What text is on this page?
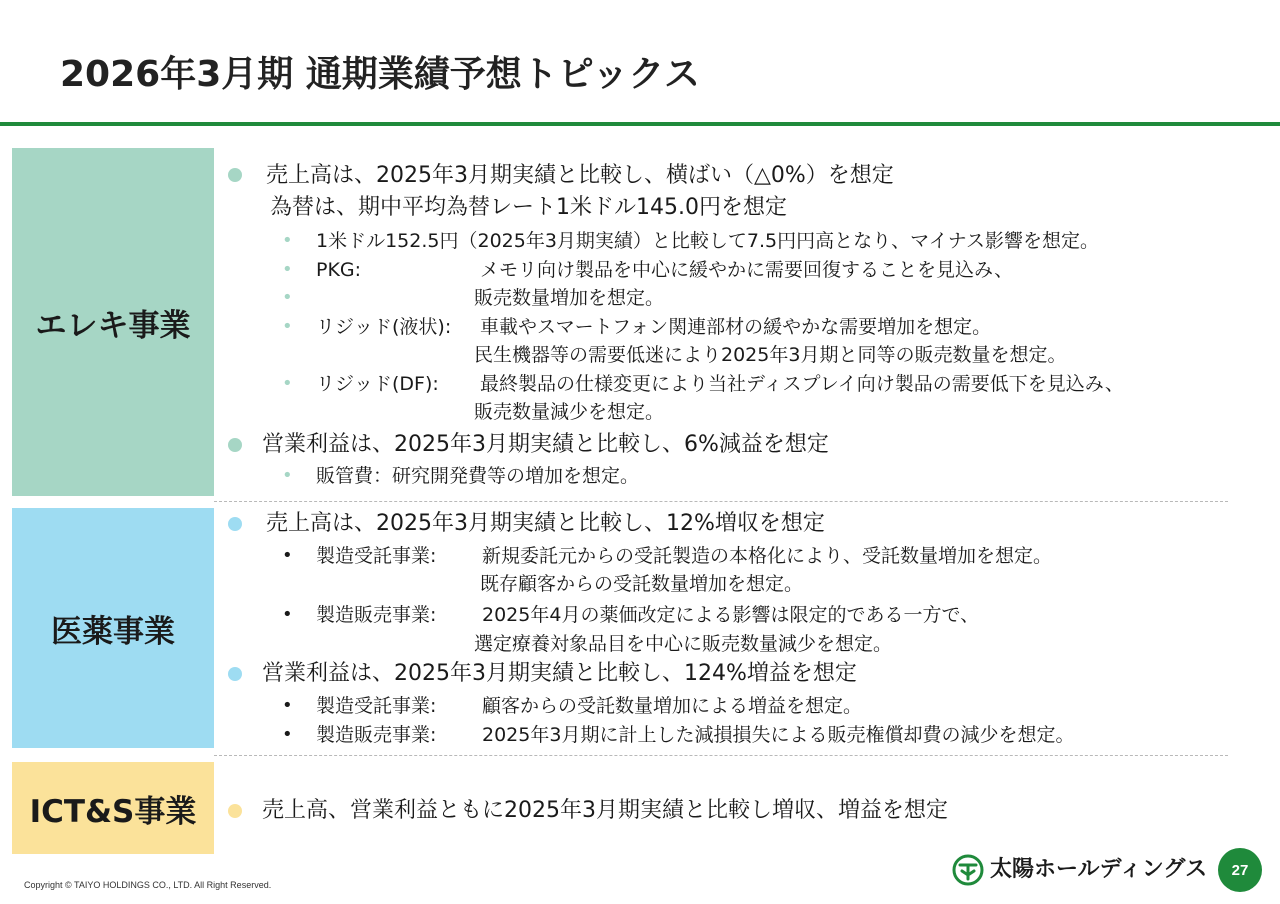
2026年3月期 通期業績予想トピックス
エレキ事業
医薬事業
ICT&S事業

売上高は、2025年3月期実績と比較し、横ばい（△0%）を想定

為替は、期中平均為替レート1米ドル145.0円を想定

• 1米ドル152.5円（2025年3月期実績）と比較して7.5円円高となり、マイナス影響を想定。

• PKG:	メモリ向け製品を中心に緩やかに需要回復することを見込み、

•	販売数量増加を想定。

• リジッド(液状): 車載やスマートフォン関連部材の緩やかな需要増加を想定。

民生機器等の需要低迷により2025年3月期と同等の販売数量を想定。

• リジッド(DF): 最終製品の仕様変更により当社ディスプレイ向け製品の需要低下を見込み、

販売数量減少を想定。

営業利益は、2025年3月期実績と比較し、6%減益を想定

• 販管費：研究開発費等の増加を想定。

売上高は、2025年3月期実績と比較し、12%増収を想定

• 製造受託事業: 新規委託元からの受託製造の本格化により、受託数量増加を想定。

既存顧客からの受託数量増加を想定。

• 製造販売事業: 2025年4月の薬価改定による影響は限定的である一方で、

選定療養対象品目を中心に販売数量減少を想定。

営業利益は、2025年3月期実績と比較し、124%増益を想定

• 製造受託事業: 顧客からの受託数量増加による増益を想定。

• 製造販売事業: 2025年3月期に計上した減損損失による販売権償却費の減少を想定。

売上高、営業利益ともに2025年3月期実績と比較し増収、増益を想定

Copyright © TAIYO HOLDINGS CO., LTD. All Right Reserved.
太陽ホールディングス	27
